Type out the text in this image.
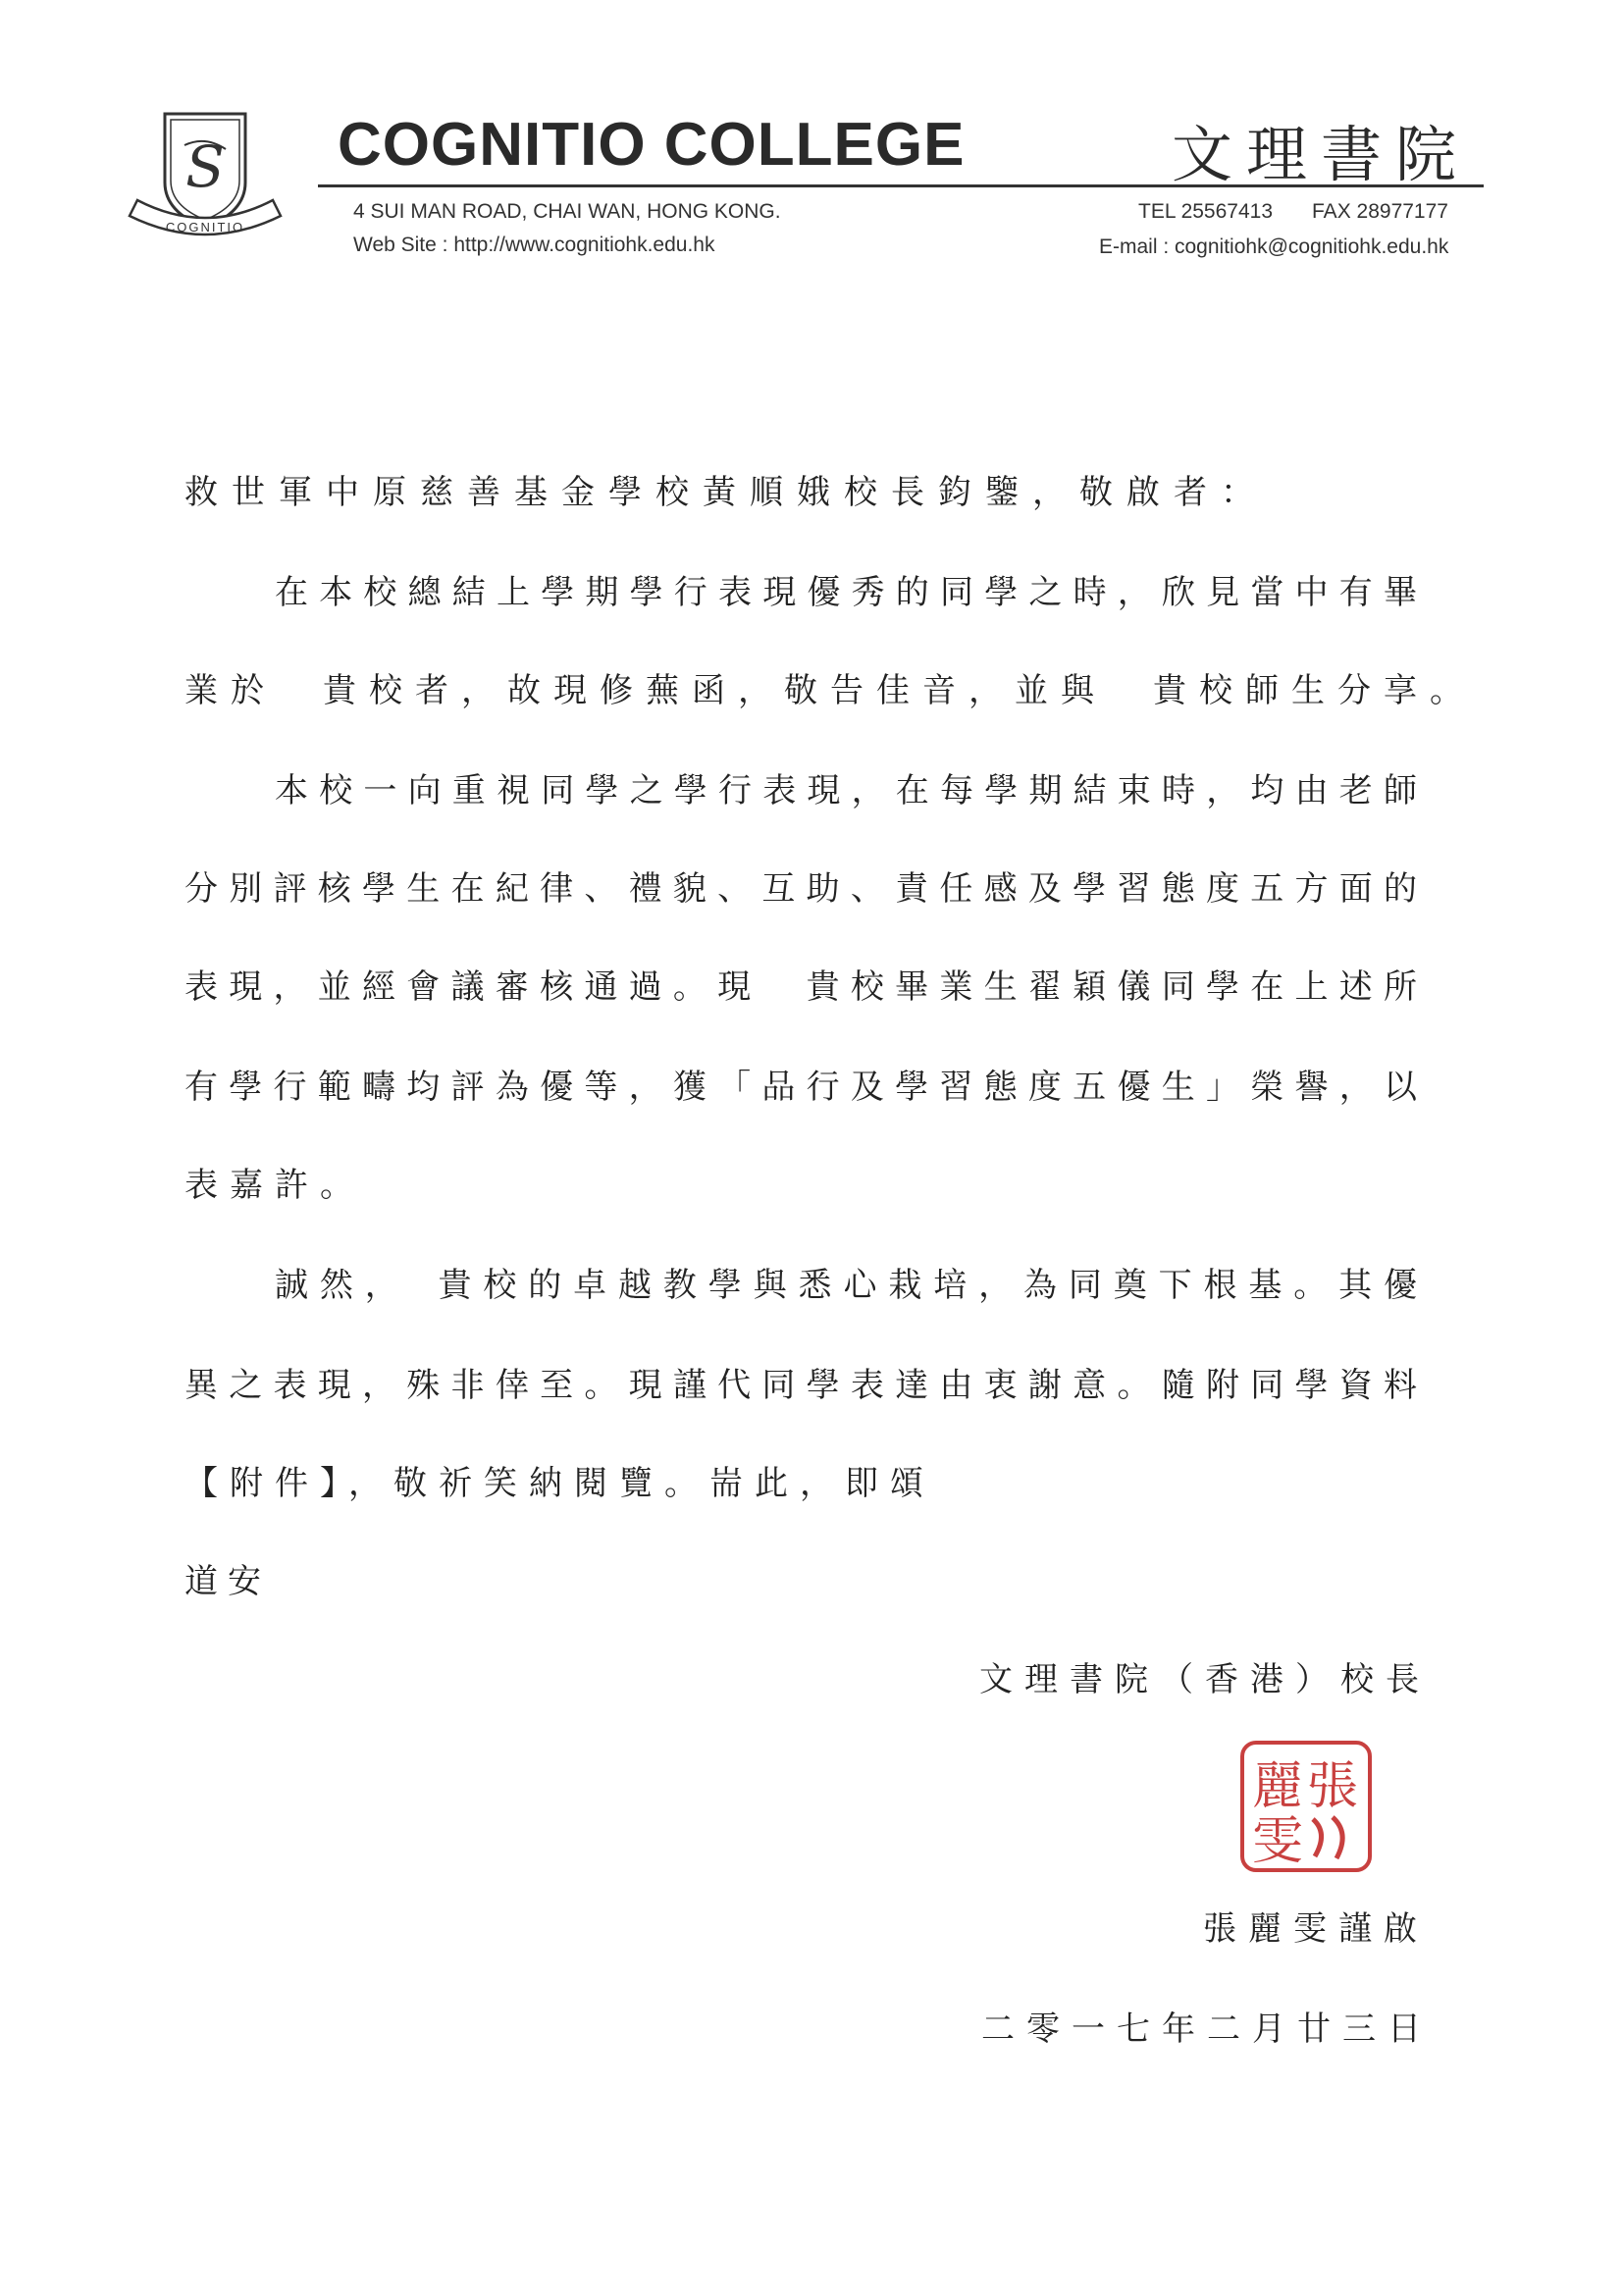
S
COGNITIO
COGNITIO COLLEGE	文理書院
4 SUI MAN ROAD, CHAI WAN, HONG KONG.
Web Site : http://www.cognitiohk.edu.hk
TEL 25567413 FAX 28977177
E-mail : cognitiohk@cognitiohk.edu.hk
救世軍中原慈善基金學校黃順娥校長鈞鑒，敬啟者：
在本校總結上學期學行表現優秀的同學之時，欣見當中有畢
業於　貴校者，故現修蕪函，敬告佳音，並與　貴校師生分享。
本校一向重視同學之學行表現，在每學期結束時，均由老師
分別評核學生在紀律、禮貌、互助、責任感及學習態度五方面的
表現，並經會議審核通過。現　貴校畢業生翟穎儀同學在上述所
有學行範疇均評為優等，獲「品行及學習態度五優生」榮譽，以
表嘉許。
誠然，　貴校的卓越教學與悉心栽培，為同奠下根基。其優
異之表現，殊非倖至。現謹代同學表達由衷謝意。隨附同學資料
【附件】，敬祈笑納閱覽。耑此，即頌
道安
文理書院（香港）校長
張
麗
雯
張麗雯謹啟
二零一七年二月廿三日
